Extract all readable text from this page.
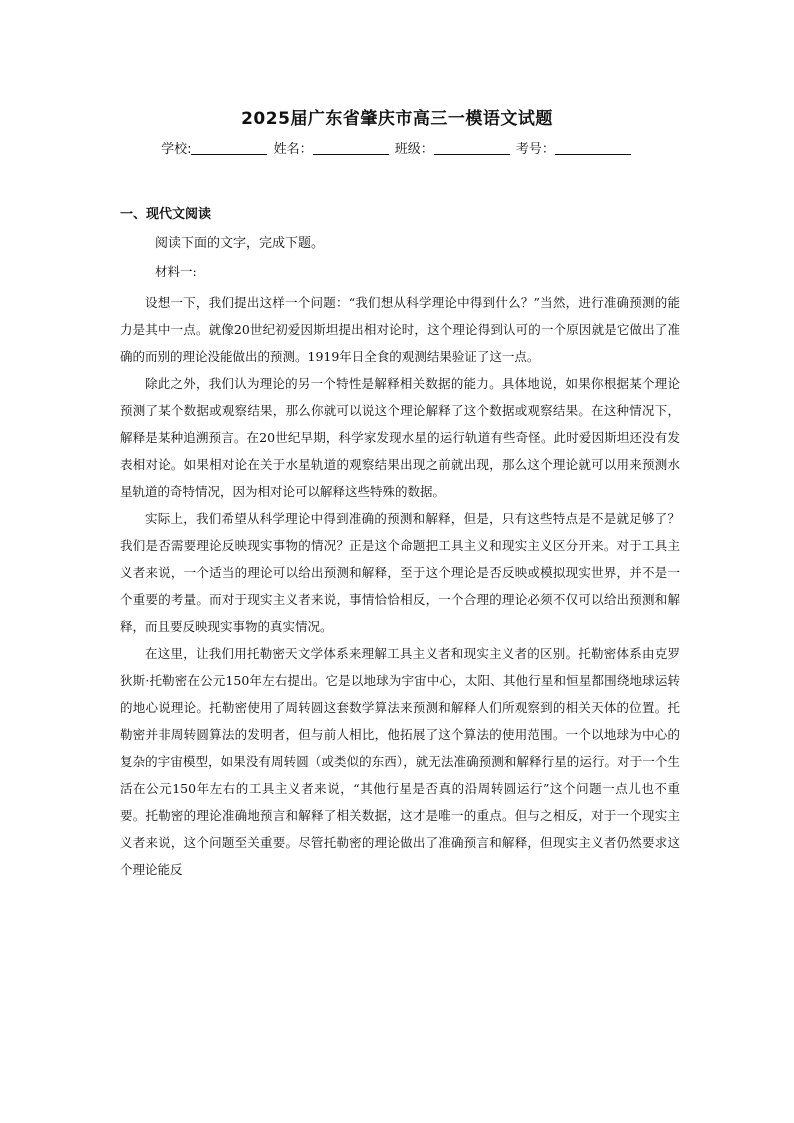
2025届广东省肇庆市高三一模语文试题
学校:	姓名：	班级：	考号：
一、现代文阅读
阅读下面的文字，完成下题。
材料一:

设想一下，我们提出这样一个问题：“我们想从科学理论中得到什么？”当然，进行准确预测的能力是其中一点。就像20世纪初爱因斯坦提出相对论时，这个理论得到认可的一个原因就是它做出了准确的而别的理论没能做出的预测。1919年日全食的观测结果验证了这一点。

除此之外，我们认为理论的另一个特性是解释相关数据的能力。具体地说，如果你根据某个理论预测了某个数据或观察结果，那么你就可以说这个理论解释了这个数据或观察结果。在这种情况下，解释是某种追溯预言。在20世纪早期，科学家发现水星的运行轨道有些奇怪。此时爱因斯坦还没有发表相对论。如果相对论在关于水星轨道的观察结果出现之前就出现，那么这个理论就可以用来预测水星轨道的奇特情况，因为相对论可以解释这些特殊的数据。

实际上，我们希望从科学理论中得到准确的预测和解释，但是，只有这些特点是不是就足够了？我们是否需要理论反映现实事物的情况？正是这个命题把工具主义和现实主义区分开来。对于工具主义者来说，一个适当的理论可以给出预测和解释，至于这个理论是否反映或模拟现实世界，并不是一个重要的考量。而对于现实主义者来说，事情恰恰相反，一个合理的理论必须不仅可以给出预测和解释，而且要反映现实事物的真实情况。

在这里，让我们用托勒密天文学体系来理解工具主义者和现实主义者的区别。托勒密体系由克罗狄斯·托勒密在公元150年左右提出。它是以地球为宇宙中心，太阳、其他行星和恒星都围绕地球运转的地心说理论。托勒密使用了周转圆这套数学算法来预测和解释人们所观察到的相关天体的位置。托勒密并非周转圆算法的发明者，但与前人相比，他拓展了这个算法的使用范围。一个以地球为中心的复杂的宇宙模型，如果没有周转圆（或类似的东西），就无法准确预测和解释行星的运行。对于一个生活在公元150年左右的工具主义者来说，“其他行星是否真的沿周转圆运行”这个问题一点儿也不重要。托勒密的理论准确地预言和解释了相关数据，这才是唯一的重点。但与之相反，对于一个现实主义者来说，这个问题至关重要。尽管托勒密的理论做出了准确预言和解释，但现实主义者仍然要求这个理论能反
